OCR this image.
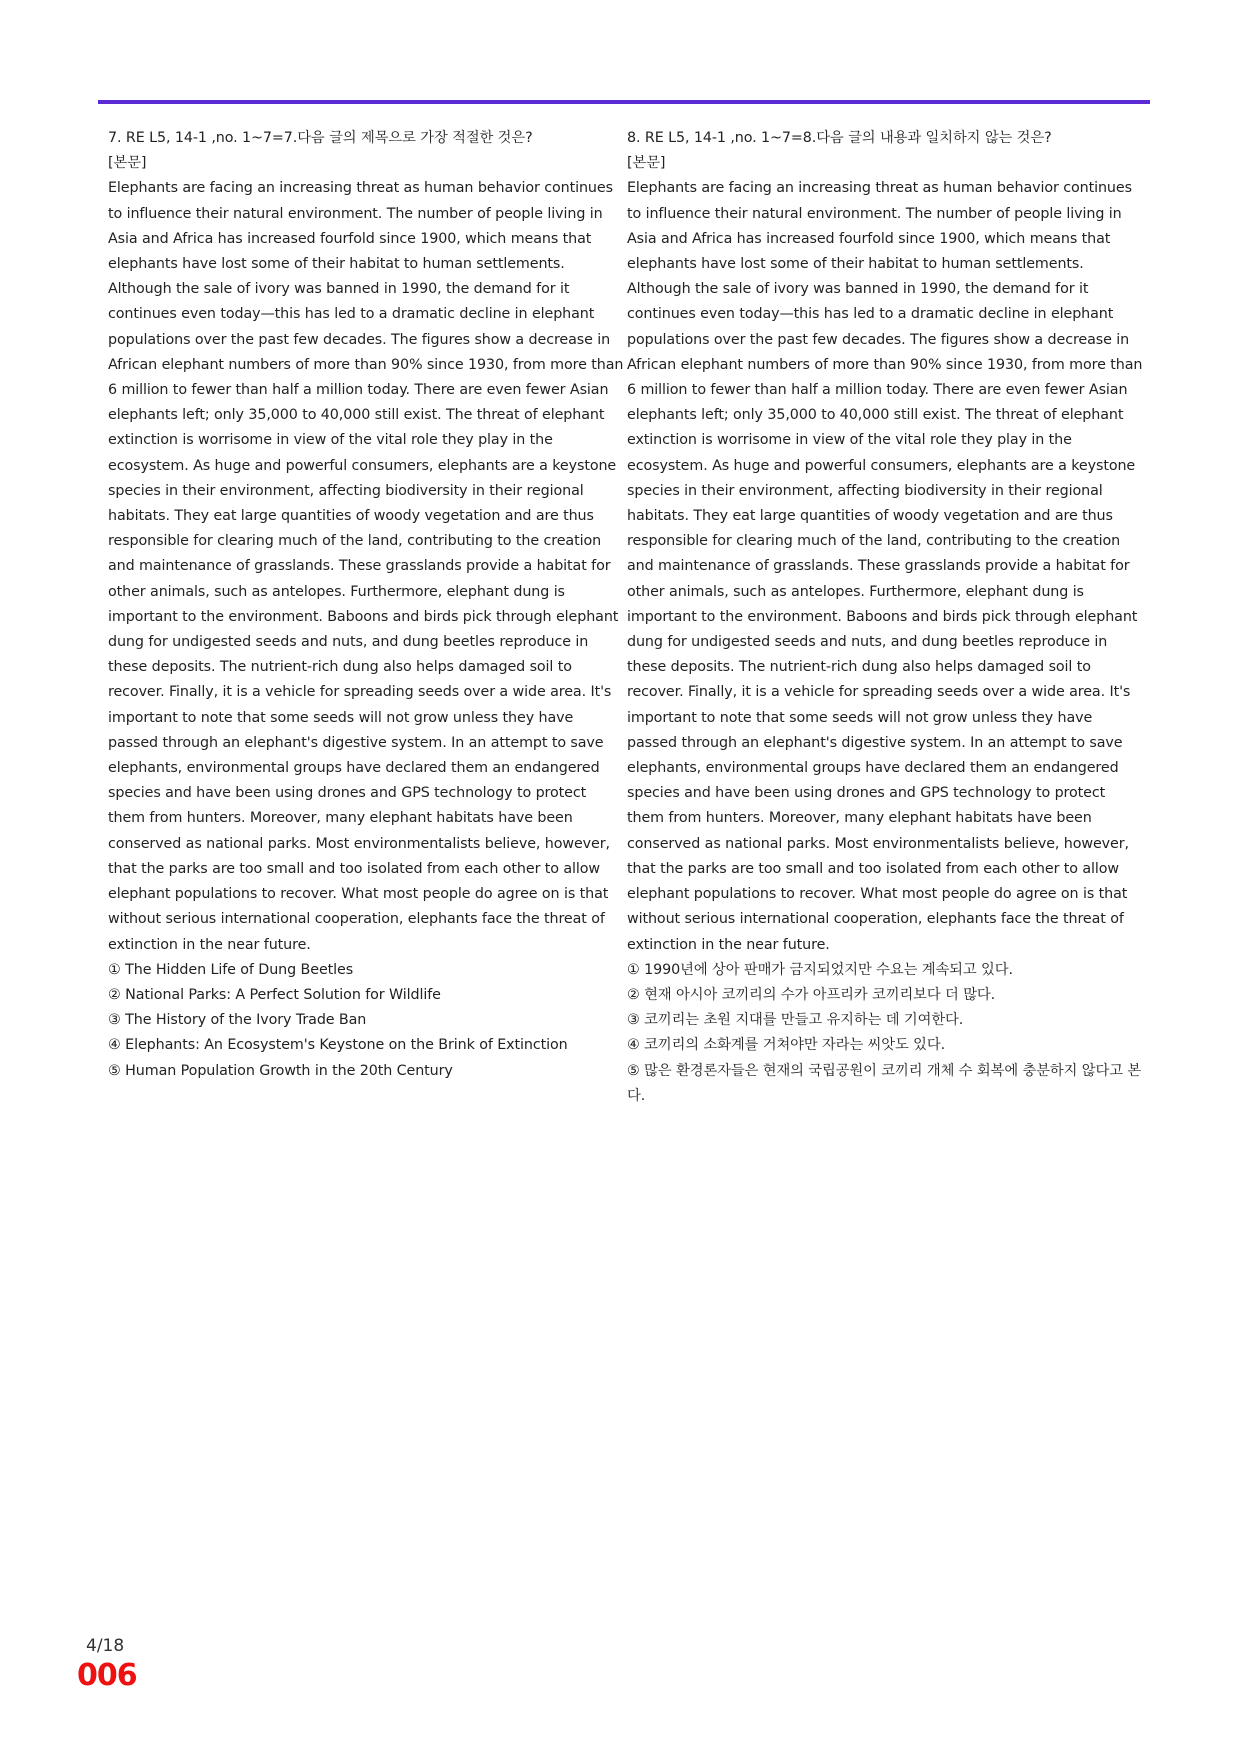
7. RE L5, 14-1 ,no. 1~7=7.다음 글의 제목으로 가장 적절한 것은?

[본문]

Elephants are facing an increasing threat as human behavior continues to influence their natural environment. The number of people living in Asia and Africa has increased fourfold since 1900, which means that elephants have lost some of their habitat to human settlements. Although the sale of ivory was banned in 1990, the demand for it continues even today—this has led to a dramatic decline in elephant populations over the past few decades. The figures show a decrease in African elephant numbers of more than 90% since 1930, from more than 6 million to fewer than half a million today. There are even fewer Asian elephants left; only 35,000 to 40,000 still exist. The threat of elephant extinction is worrisome in view of the vital role they play in the ecosystem. As huge and powerful consumers, elephants are a keystone species in their environment, affecting biodiversity in their regional habitats. They eat large quantities of woody vegetation and are thus responsible for clearing much of the land, contributing to the creation and maintenance of grasslands. These grasslands provide a habitat for other animals, such as antelopes. Furthermore, elephant dung is important to the environment. Baboons and birds pick through elephant dung for undigested seeds and nuts, and dung beetles reproduce in these deposits. The nutrient-rich dung also helps damaged soil to recover. Finally, it is a vehicle for spreading seeds over a wide area. It's important to note that some seeds will not grow unless they have passed through an elephant's digestive system. In an attempt to save elephants, environmental groups have declared them an endangered species and have been using drones and GPS technology to protect them from hunters. Moreover, many elephant habitats have been conserved as national parks. Most environmentalists believe, however, that the parks are too small and too isolated from each other to allow elephant populations to recover. What most people do agree on is that without serious international cooperation, elephants face the threat of extinction in the near future.

① The Hidden Life of Dung Beetles
② National Parks: A Perfect Solution for Wildlife
③ The History of the Ivory Trade Ban
④ Elephants: An Ecosystem's Keystone on the Brink of Extinction
⑤ Human Population Growth in the 20th Century

8. RE L5, 14-1 ,no. 1~7=8.다음 글의 내용과 일치하지 않는 것은?

[본문]

Elephants are facing an increasing threat as human behavior continues to influence their natural environment. The number of people living in Asia and Africa has increased fourfold since 1900, which means that elephants have lost some of their habitat to human settlements. Although the sale of ivory was banned in 1990, the demand for it continues even today—this has led to a dramatic decline in elephant populations over the past few decades. The figures show a decrease in African elephant numbers of more than 90% since 1930, from more than 6 million to fewer than half a million today. There are even fewer Asian elephants left; only 35,000 to 40,000 still exist. The threat of elephant extinction is worrisome in view of the vital role they play in the ecosystem. As huge and powerful consumers, elephants are a keystone species in their environment, affecting biodiversity in their regional habitats. They eat large quantities of woody vegetation and are thus responsible for clearing much of the land, contributing to the creation and maintenance of grasslands. These grasslands provide a habitat for other animals, such as antelopes. Furthermore, elephant dung is important to the environment. Baboons and birds pick through elephant dung for undigested seeds and nuts, and dung beetles reproduce in these deposits. The nutrient-rich dung also helps damaged soil to recover. Finally, it is a vehicle for spreading seeds over a wide area. It's important to note that some seeds will not grow unless they have passed through an elephant's digestive system. In an attempt to save elephants, environmental groups have declared them an endangered species and have been using drones and GPS technology to protect them from hunters. Moreover, many elephant habitats have been conserved as national parks. Most environmentalists believe, however, that the parks are too small and too isolated from each other to allow elephant populations to recover. What most people do agree on is that without serious international cooperation, elephants face the threat of extinction in the near future.

① 1990년에 상아 판매가 금지되었지만 수요는 계속되고 있다.
② 현재 아시아 코끼리의 수가 아프리카 코끼리보다 더 많다.
③ 코끼리는 초원 지대를 만들고 유지하는 데 기여한다.
④ 코끼리의 소화계를 거쳐야만 자라는 씨앗도 있다.
⑤ 많은 환경론자들은 현재의 국립공원이 코끼리 개체 수 회복에 충분하지 않다고 본다.
4/18
006
